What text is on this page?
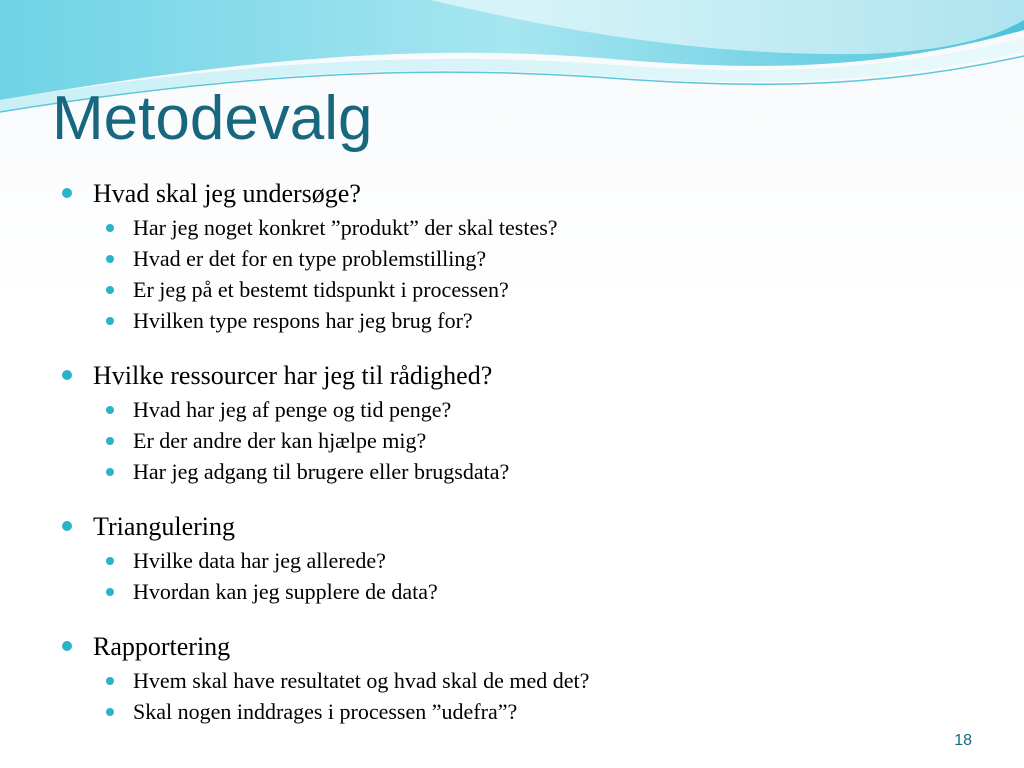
Metodevalg
Hvad skal jeg undersøge?
Har jeg noget konkret ”produkt” der skal testes?
Hvad er det for en type problemstilling?
Er jeg på et bestemt tidspunkt i processen?
Hvilken type respons har jeg brug for?
Hvilke ressourcer har jeg til rådighed?
Hvad har jeg af penge og tid penge?
Er der andre der kan hjælpe mig?
Har jeg adgang til brugere eller brugsdata?
Triangulering
Hvilke data har jeg allerede?
Hvordan kan jeg supplere de data?
Rapportering
Hvem skal have resultatet og hvad skal de med det?
Skal nogen inddrages i processen ”udefra”?
18
